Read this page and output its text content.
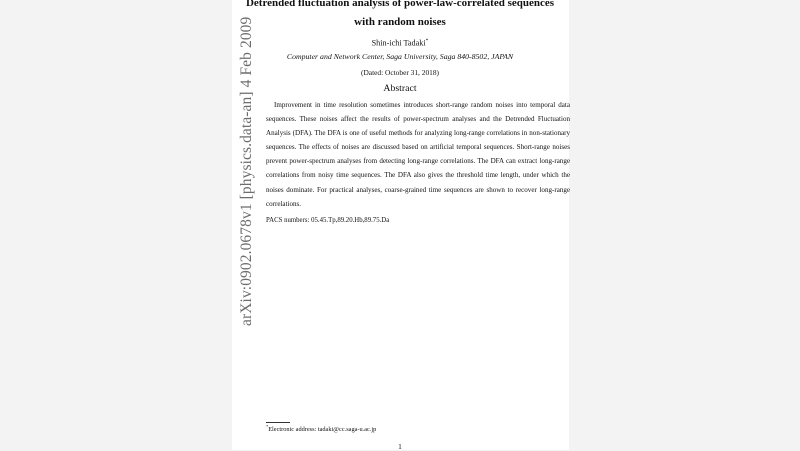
arXiv:0902.0678v1 [physics.data-an] 4 Feb 2009
Detrended fluctuation analysis of power-law-correlated sequences
with random noises
Shin-ichi Tadaki*
Computer and Network Center, Saga University, Saga 840-8502, JAPAN
(Dated: October 31, 2018)
Abstract
Improvement in time resolution sometimes introduces short-range random noises into temporal data sequences. These noises affect the results of power-spectrum analyses and the Detrended Fluctuation Analysis (DFA). The DFA is one of useful methods for analyzing long-range correlations in non-stationary sequences. The effects of noises are discussed based on artificial temporal sequences. Short-range noises prevent power-spectrum analyses from detecting long-range correlations. The DFA can extract long-range correlations from noisy time sequences. The DFA also gives the threshold time length, under which the noises dominate. For practical analyses, coarse-grained time sequences are shown to recover long-range correlations.
PACS numbers: 05.45.Tp,89.20.Hb,89.75.Da
*Electronic address: tadaki@cc.saga-u.ac.jp
1
